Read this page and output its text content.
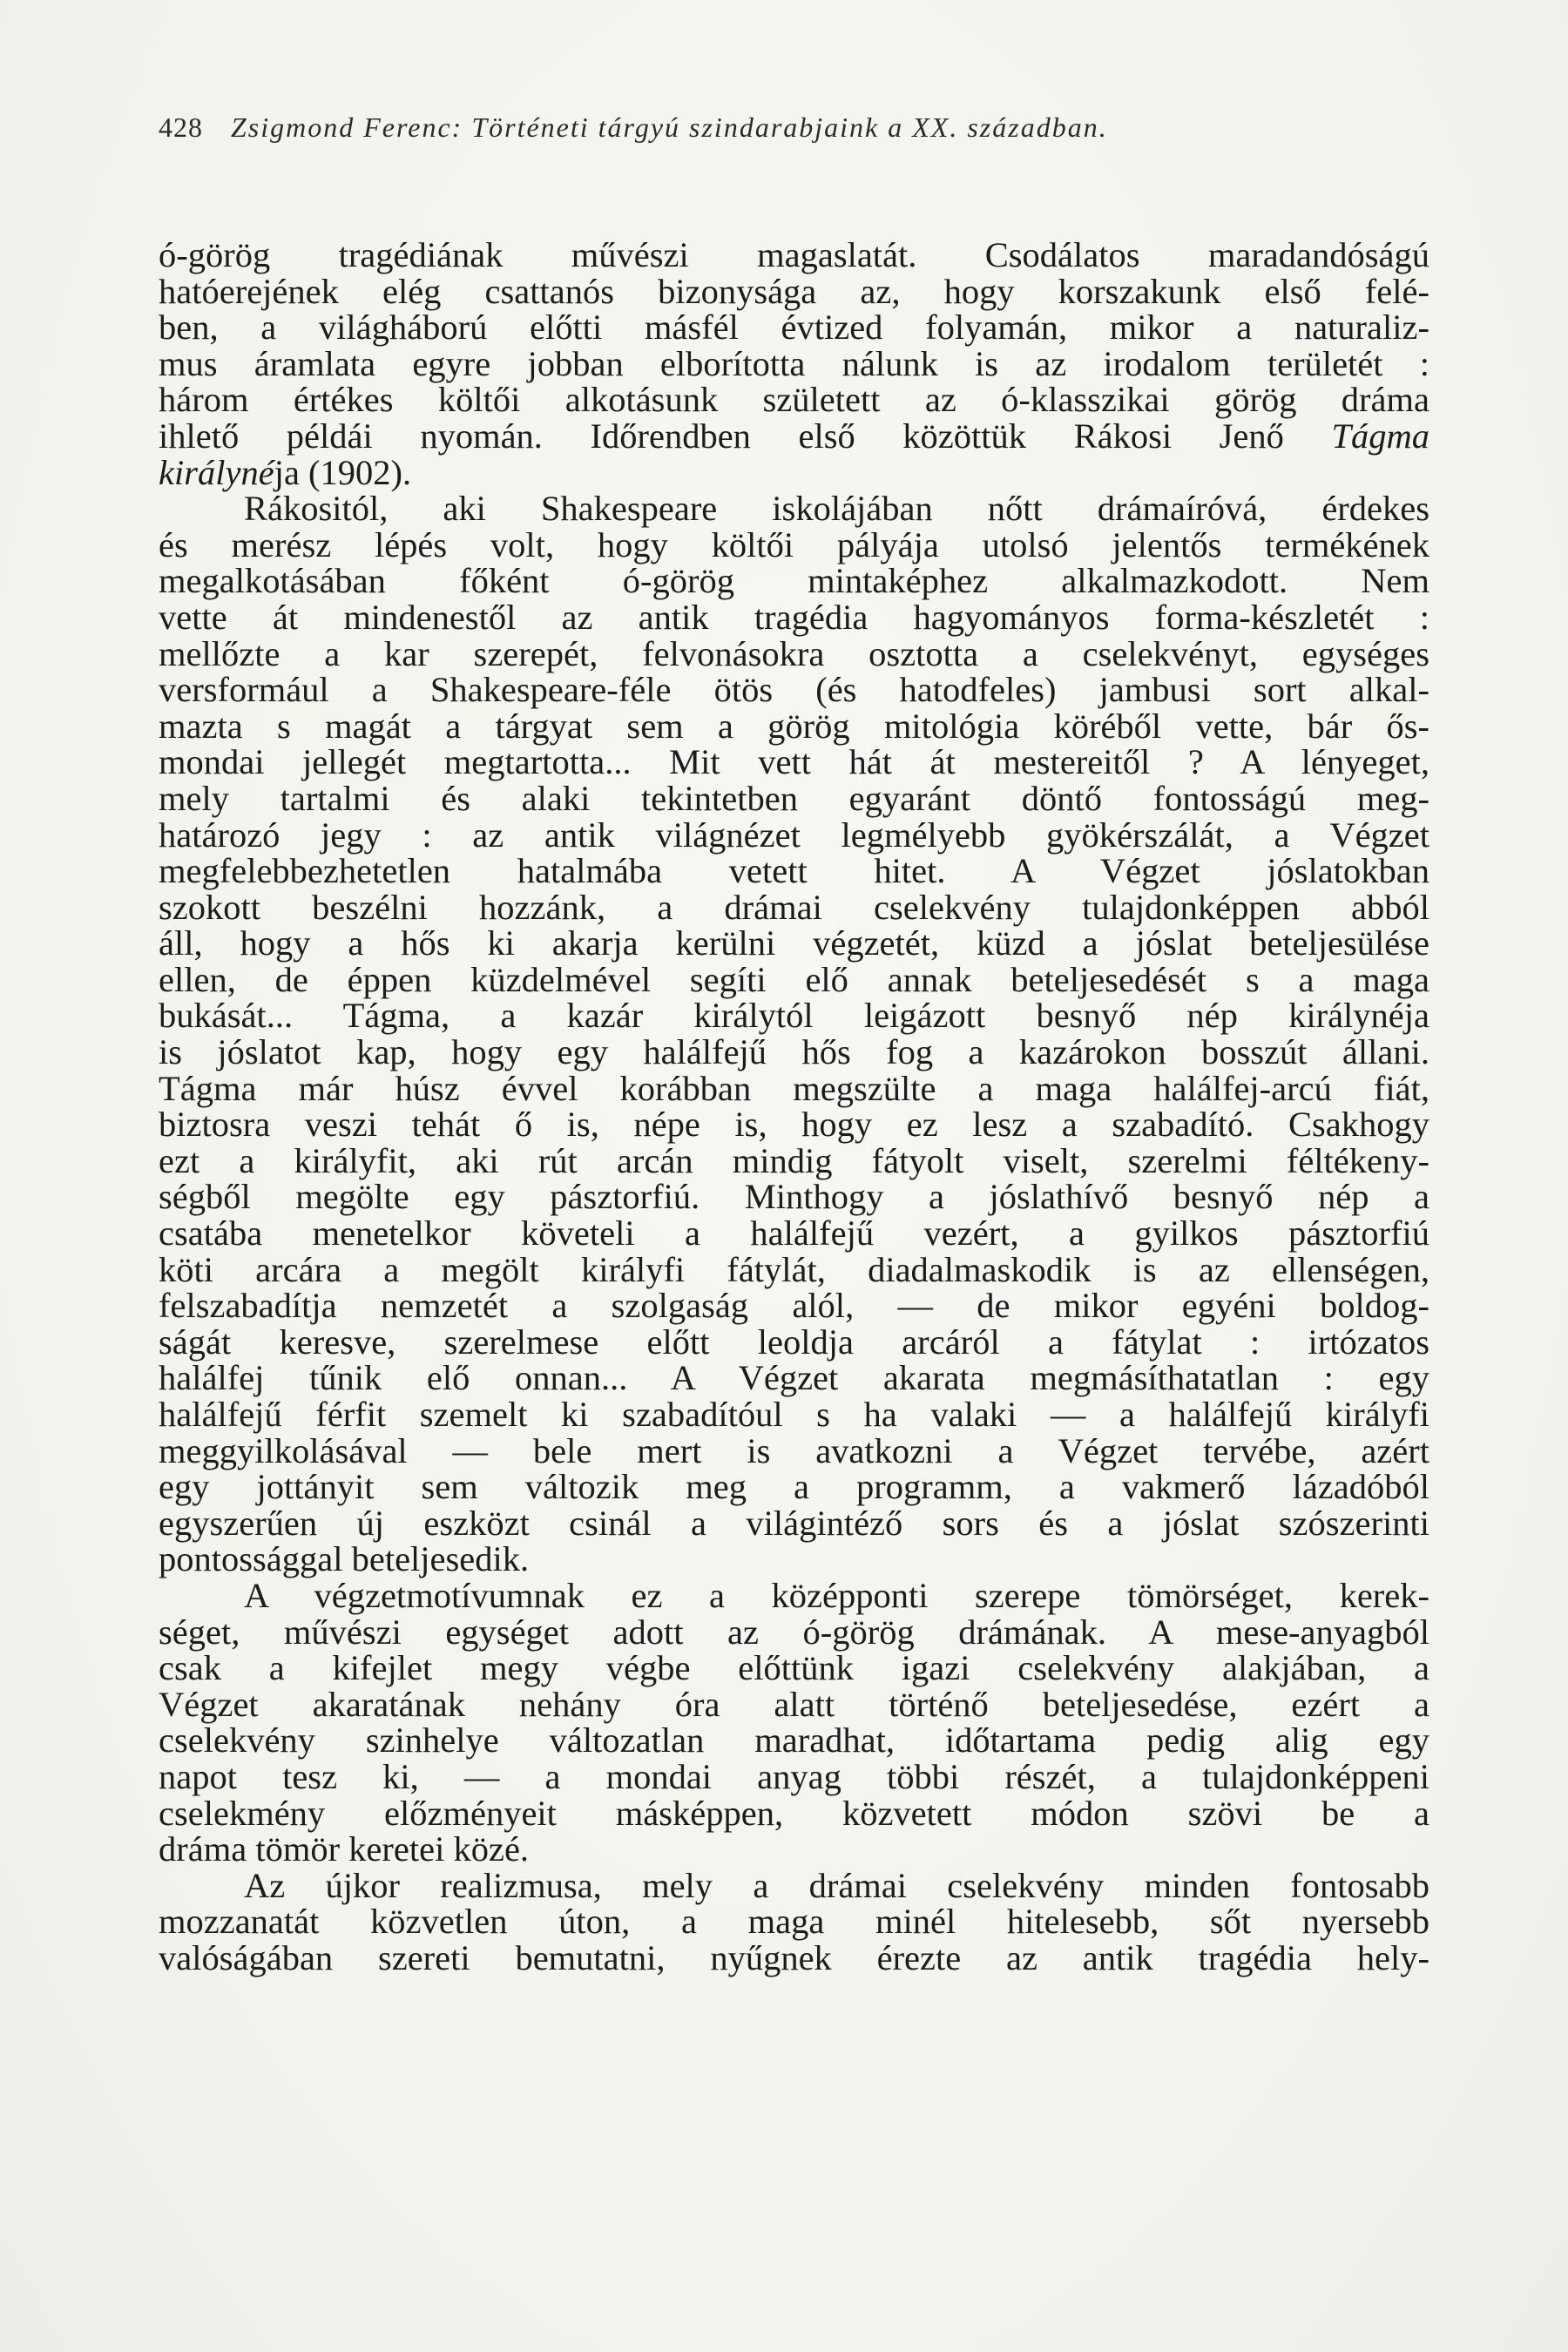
428 Zsigmond Ferenc: Történeti tárgyú szindarabjaink a XX. században.
ó-görög tragédiának művészi magaslatát. Csodálatos maradandóságú
hatóerejének elég csattanós bizonysága az, hogy korszakunk első felé-
ben, a világháború előtti másfél évtized folyamán, mikor a naturaliz-
mus áramlata egyre jobban elborította nálunk is az irodalom területét :
három értékes költői alkotásunk született az ó-klasszikai görög dráma
ihlető példái nyomán. Időrendben első közöttük Rákosi Jenő Tágma
királynéja (1902).
Rákositól, aki Shakespeare iskolájában nőtt drámaíróvá, érdekes
és merész lépés volt, hogy költői pályája utolsó jelentős termékének
megalkotásában főként ó-görög mintaképhez alkalmazkodott. Nem
vette át mindenestől az antik tragédia hagyományos forma-készletét :
mellőzte a kar szerepét, felvonásokra osztotta a cselekvényt, egységes
versformául a Shakespeare-féle ötös (és hatodfeles) jambusi sort alkal-
mazta s magát a tárgyat sem a görög mitológia köréből vette, bár ős-
mondai jellegét megtartotta... Mit vett hát át mestereitől ? A lényeget,
mely tartalmi és alaki tekintetben egyaránt döntő fontosságú meg-
határozó jegy : az antik világnézet legmélyebb gyökérszálát, a Végzet
megfelebbezhetetlen hatalmába vetett hitet. A Végzet jóslatokban
szokott beszélni hozzánk, a drámai cselekvény tulajdonképpen abból
áll, hogy a hős ki akarja kerülni végzetét, küzd a jóslat beteljesülése
ellen, de éppen küzdelmével segíti elő annak beteljesedését s a maga
bukását... Tágma, a kazár királytól leigázott besnyő nép királynéja
is jóslatot kap, hogy egy halálfejű hős fog a kazárokon bosszút állani.
Tágma már húsz évvel korábban megszülte a maga halálfej-arcú fiát,
biztosra veszi tehát ő is, népe is, hogy ez lesz a szabadító. Csakhogy
ezt a királyfit, aki rút arcán mindig fátyolt viselt, szerelmi féltékeny-
ségből megölte egy pásztorfiú. Minthogy a jóslathívő besnyő nép a
csatába menetelkor követeli a halálfejű vezért, a gyilkos pásztorfiú
köti arcára a megölt királyfi fátylát, diadalmaskodik is az ellenségen,
felszabadítja nemzetét a szolgaság alól, — de mikor egyéni boldog-
ságát keresve, szerelmese előtt leoldja arcáról a fátylat : irtózatos
halálfej tűnik elő onnan... A Végzet akarata megmásíthatatlan : egy
halálfejű férfit szemelt ki szabadítóul s ha valaki — a halálfejű királyfi
meggyilkolásával — bele mert is avatkozni a Végzet tervébe, azért
egy jottányit sem változik meg a programm, a vakmerő lázadóból
egyszerűen új eszközt csinál a világintéző sors és a jóslat szószerinti
pontossággal beteljesedik.
A végzetmotívumnak ez a középponti szerepe tömörséget, kerek-
séget, művészi egységet adott az ó-görög drámának. A mese-anyagból
csak a kifejlet megy végbe előttünk igazi cselekvény alakjában, a
Végzet akaratának nehány óra alatt történő beteljesedése, ezért a
cselekvény szinhelye változatlan maradhat, időtartama pedig alig egy
napot tesz ki, — a mondai anyag többi részét, a tulajdonképpeni
cselekmény előzményeit másképpen, közvetett módon szövi be a
dráma tömör keretei közé.
Az újkor realizmusa, mely a drámai cselekvény minden fontosabb
mozzanatát közvetlen úton, a maga minél hitelesebb, sőt nyersebb
valóságában szereti bemutatni, nyűgnek érezte az antik tragédia hely-
